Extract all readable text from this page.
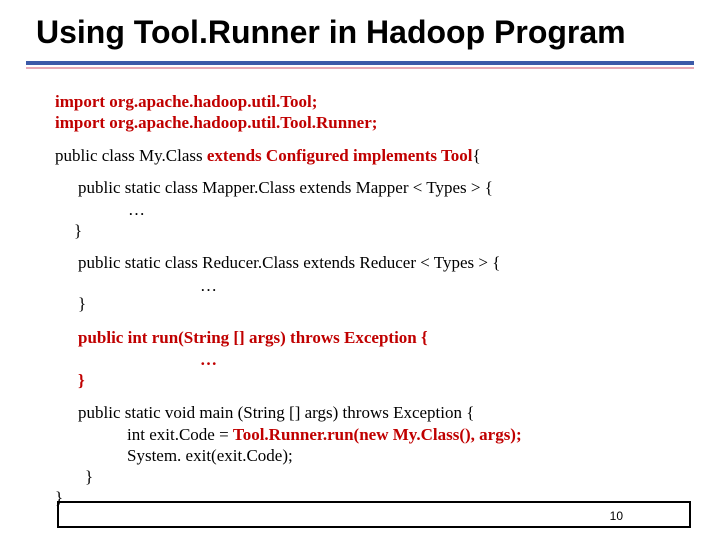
Using Tool.Runner in Hadoop Program
import org.apache.hadoop.util.Tool;
import org.apache.hadoop.util.Tool.Runner;
public class My.Class extends Configured implements Tool{
public static class Mapper.Class extends Mapper < Types > {
…
}
public static class Reducer.Class extends Reducer < Types > {
…
}
public int run(String [] args) throws Exception {
…
}
public static void main (String [] args) throws Exception {
int exit.Code = Tool.Runner.run(new My.Class(), args);
System. exit(exit.Code);
}
}
10
